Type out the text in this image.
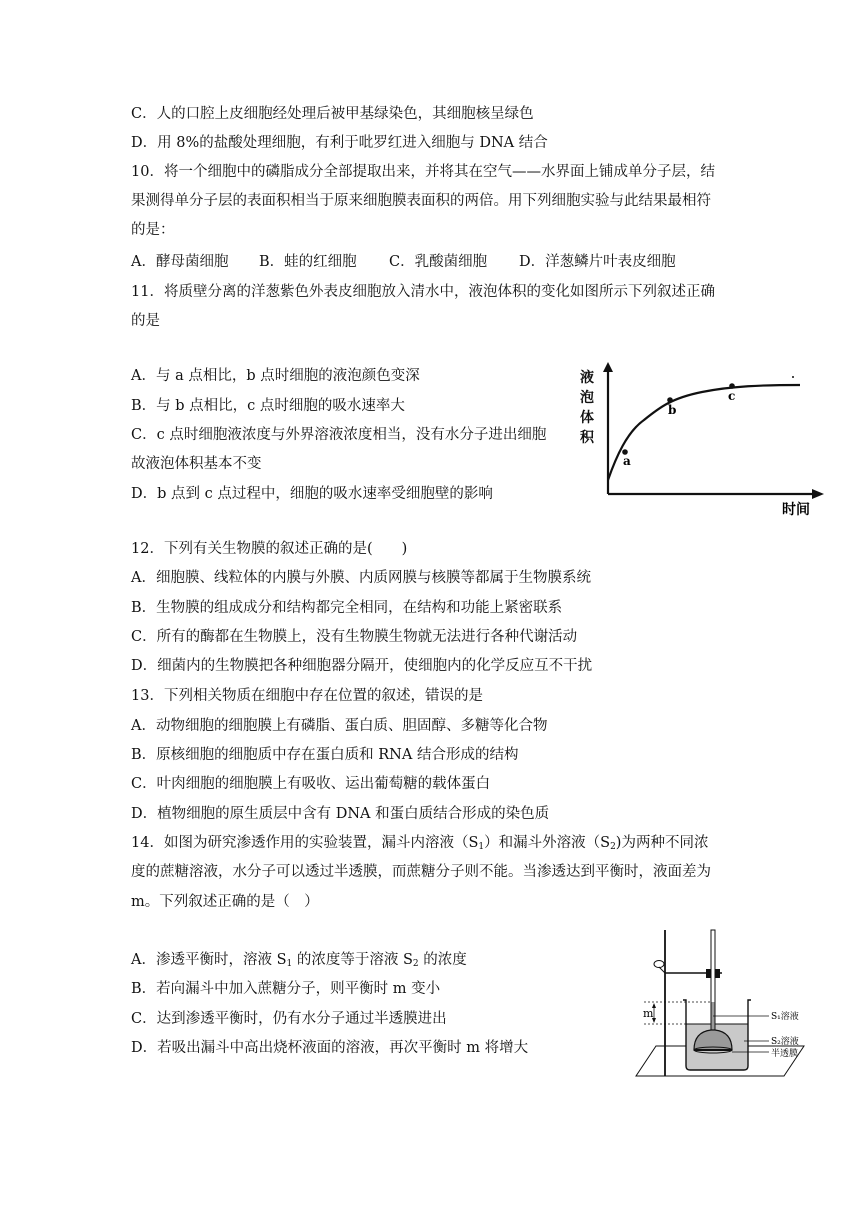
C．人的口腔上皮细胞经处理后被甲基绿染色，其细胞核呈绿色
D．用 8%的盐酸处理细胞，有利于吡罗红进入细胞与 DNA 结合
10．将一个细胞中的磷脂成分全部提取出来，并将其在空气——水界面上铺成单分子层，结
果测得单分子层的表面积相当于原来细胞膜表面积的两倍。用下列细胞实验与此结果最相符
的是：
A．酵母菌细胞 B．蛙的红细胞 C．乳酸菌细胞 D．洋葱鳞片叶表皮细胞
11．将质壁分离的洋葱紫色外表皮细胞放入清水中，液泡体积的变化如图所示下列叙述正确
的是
A．与 a 点相比，b 点时细胞的液泡颜色变深
B．与 b 点相比，c 点时细胞的吸水速率大
C．c 点时细胞液浓度与外界溶液浓度相当，没有水分子进出细胞
故液泡体积基本不变
D．b 点到 c 点过程中，细胞的吸水速率受细胞壁的影响
12．下列有关生物膜的叙述正确的是(　　)
A．细胞膜、线粒体的内膜与外膜、内质网膜与核膜等都属于生物膜系统
B．生物膜的组成成分和结构都完全相同，在结构和功能上紧密联系
C．所有的酶都在生物膜上，没有生物膜生物就无法进行各种代谢活动
D．细菌内的生物膜把各种细胞器分隔开，使细胞内的化学反应互不干扰
13．下列相关物质在细胞中存在位置的叙述，错误的是
A．动物细胞的细胞膜上有磷脂、蛋白质、胆固醇、多糖等化合物
B．原核细胞的细胞质中存在蛋白质和 RNA 结合形成的结构
C．叶肉细胞的细胞膜上有吸收、运出葡萄糖的载体蛋白
D．植物细胞的原生质层中含有 DNA 和蛋白质结合形成的染色质
14．如图为研究渗透作用的实验装置，漏斗内溶液$(S_1)$和漏斗外溶液$(S_2)$为两种不同浓
度的蔗糖溶液，水分子可以透过半透膜，而蔗糖分子则不能。当渗透达到平衡时，液面差为
m。下列叙述正确的是（　）
A．渗透平衡时，溶液 $S_1$ 的浓度等于溶液 $S_2$ 的浓度
B．若向漏斗中加入蔗糖分子，则平衡时 m 变小
C．达到渗透平衡时，仍有水分子通过半透膜进出
D．若吸出漏斗中高出烧杯液面的溶液，再次平衡时 m 将增大
液
泡
体
积
a
b
c
时间
m	S₁溶液
S₂溶液
半透膜
